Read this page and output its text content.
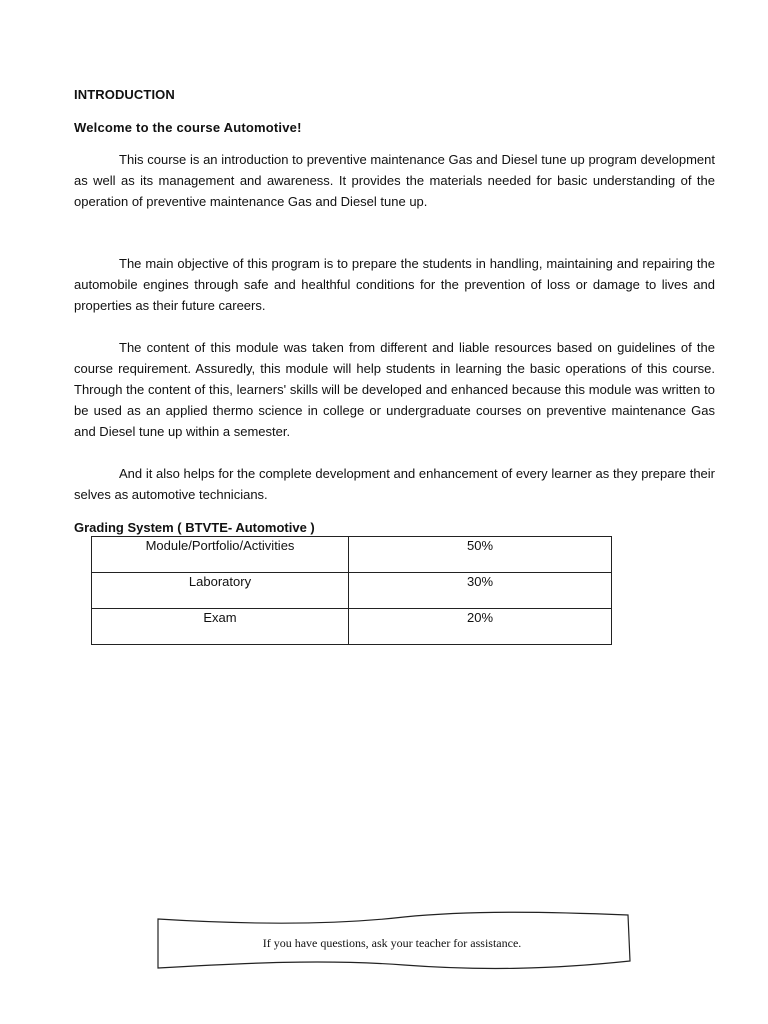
INTRODUCTION

Welcome to the course Automotive!

This course is an introduction to preventive maintenance Gas and Diesel tune up program development as well as its management and awareness. It provides the materials needed for basic understanding of the operation of preventive maintenance Gas and Diesel tune up.

The main objective of this program is to prepare the students in handling, maintaining and repairing the automobile engines through safe and healthful conditions for the prevention of loss or damage to lives and properties as their future careers.

The content of this module was taken from different and liable resources based on guidelines of the course requirement. Assuredly, this module will help students in learning the basic operations of this course. Through the content of this, learners' skills will be developed and enhanced because this module was written to be used as an applied thermo science in college or undergraduate courses on preventive maintenance Gas and Diesel tune up within a semester.

And it also helps for the complete development and enhancement of every learner as they prepare their selves as automotive technicians.

Grading System ( BTVTE- Automotive )

Module/Portfolio/Activities	50%
Laboratory	30%
Exam	20%

If you have questions, ask your teacher for assistance.
